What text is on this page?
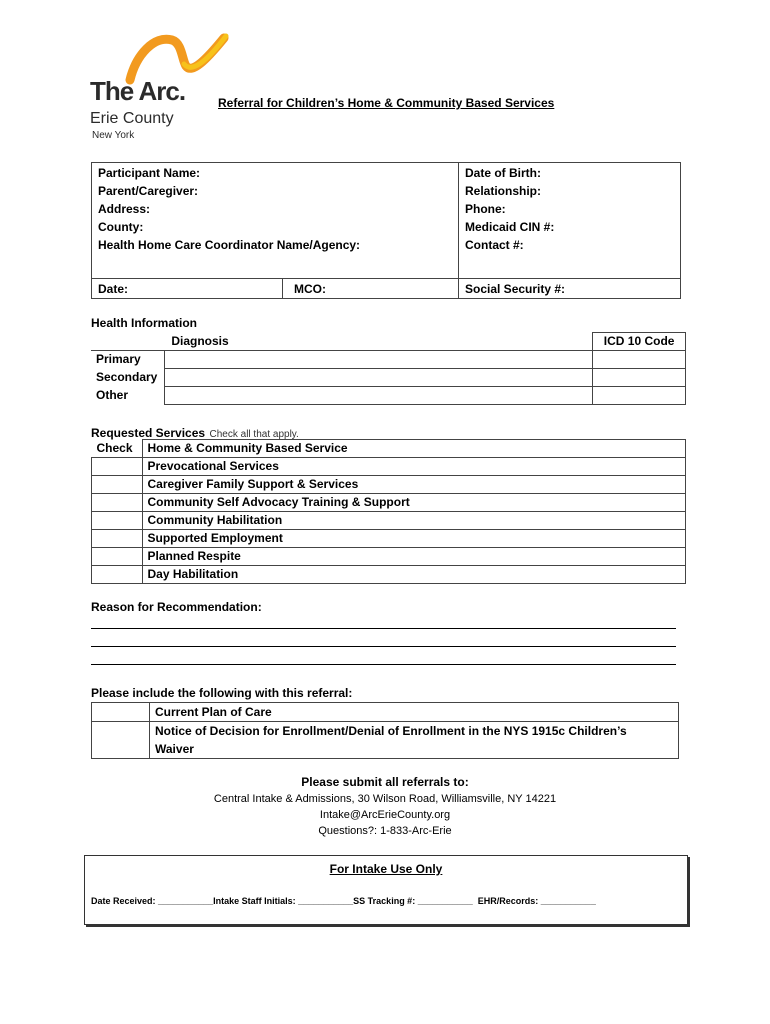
The Arc.
Erie County
New York
Referral for Children’s Home & Community Based Services
Participant Name:
Parent/Caregiver:
Address:
County:
Health Home Care Coordinator Name/Agency:
Date of Birth:
Relationship:
Phone:
Medicaid CIN #:
Contact #:
Date:	MCO:	Social Security #:
Health Information
	Diagnosis	ICD 10 Code
Primary		
Secondary		
Other		
Requested Services Check all that apply.
Check	Home & Community Based Service
	Prevocational Services
	Caregiver Family Support & Services
	Community Self Advocacy Training & Support
	Community Habilitation
	Supported Employment
	Planned Respite
	Day Habilitation
Reason for Recommendation:
Please include the following with this referral:
	Current Plan of Care
	Notice of Decision for Enrollment/Denial of Enrollment in the NYS 1915c Children’s Waiver
Please submit all referrals to:
Central Intake & Admissions, 30 Wilson Road, Williamsville, NY 14221
Intake@ArcErieCounty.org
Questions?: 1-833-Arc-Erie
For Intake Use Only
Date Received: ___________Intake Staff Initials: ___________SS Tracking #: ___________  EHR/Records: ___________
